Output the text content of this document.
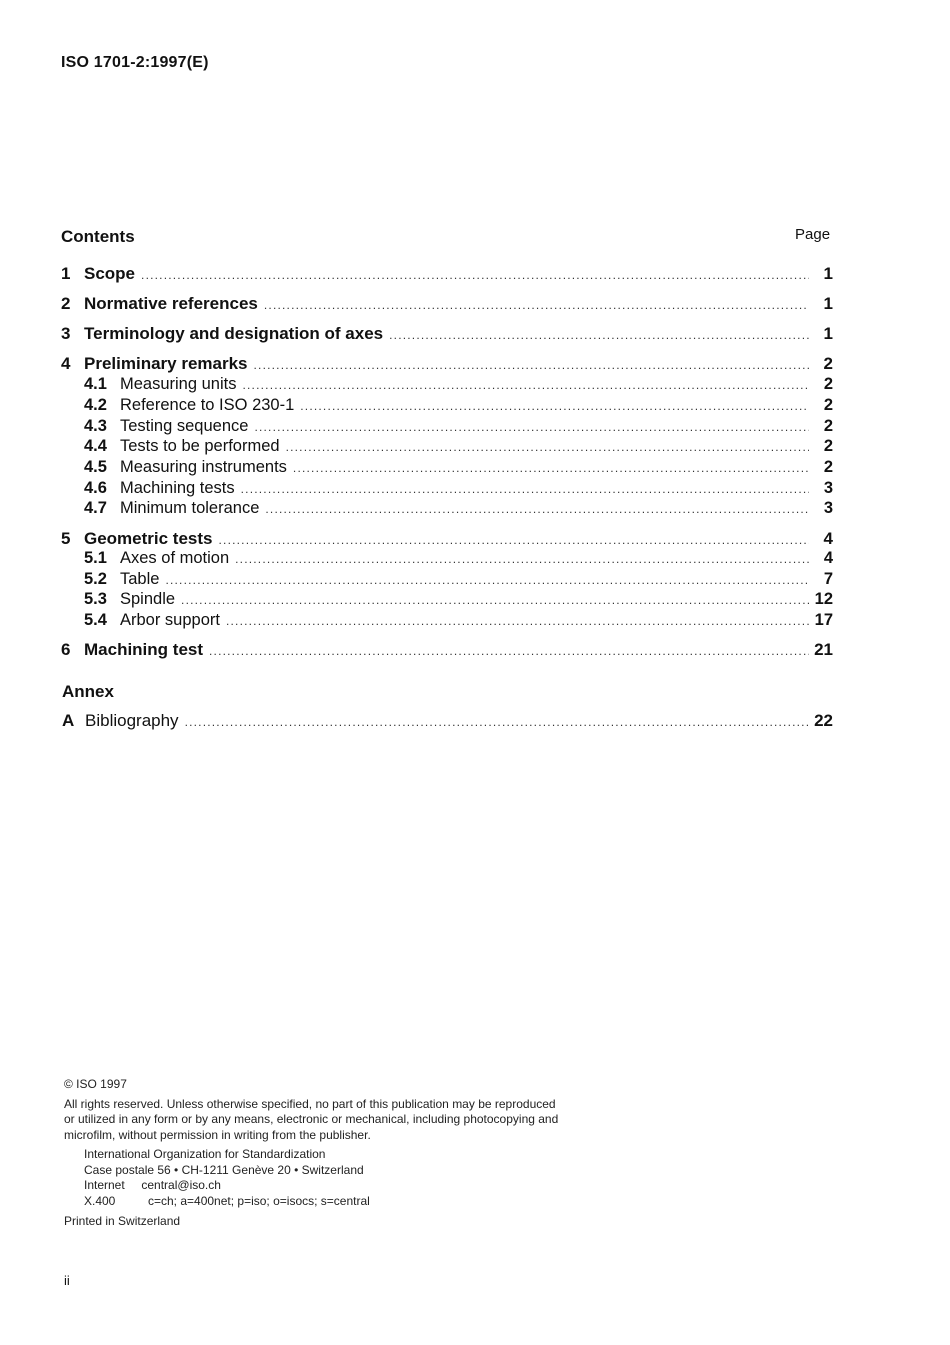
ISO 1701-2:1997(E)
Contents	Page
1 Scope .....	1
2 Normative references .....	1
3 Terminology and designation of axes .....	1
4 Preliminary remarks .....	2
4.1 Measuring units .....	2
4.2 Reference to ISO 230-1 .....	2
4.3 Testing sequence .....	2
4.4 Tests to be performed .....	2
4.5 Measuring instruments .....	2
4.6 Machining tests .....	3
4.7 Minimum tolerance .....	3
5 Geometric tests .....	4
5.1 Axes of motion .....	4
5.2 Table .....	7
5.3 Spindle .....	12
5.4 Arbor support .....	17
6 Machining test .....	21
Annex
A Bibliography .....	22
© ISO 1997
All rights reserved. Unless otherwise specified, no part of this publication may be reproduced
or utilized in any form or by any means, electronic or mechanical, including photocopying and
microfilm, without permission in writing from the publisher.
International Organization for Standardization
Case postale 56 • CH-1211 Genève 20 • Switzerland
Internet     central@iso.ch
X.400	c=ch; a=400net; p=iso; o=isocs; s=central
Printed in Switzerland
ii
